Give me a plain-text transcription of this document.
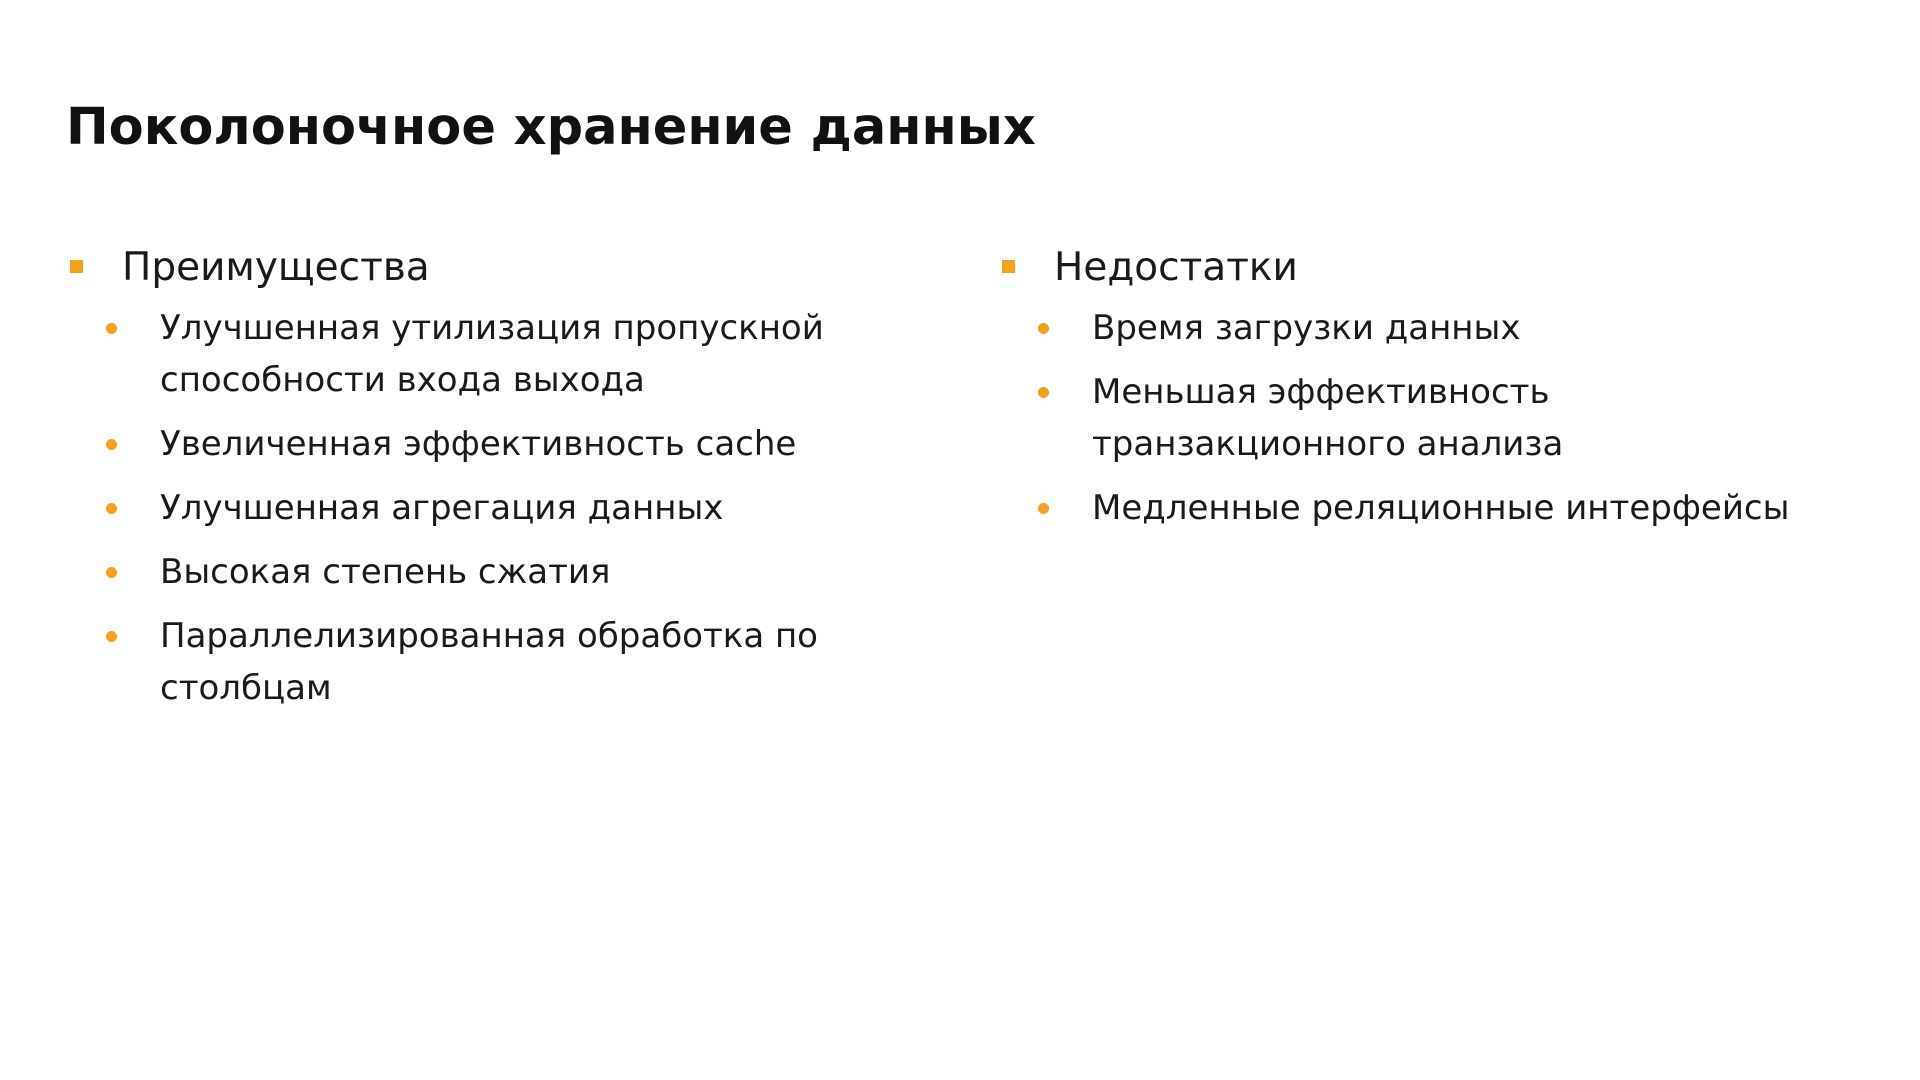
Поколоночное хранение данных
Преимущества
Улучшенная утилизация пропускной способности входа выхода
Увеличенная эффективность cache
Улучшенная агрегация данных
Высокая степень сжатия
Параллелизированная обработка по столбцам
Недостатки
Время загрузки данных
Меньшая эффективность транзакционного анализа
Медленные реляционные интерфейсы
